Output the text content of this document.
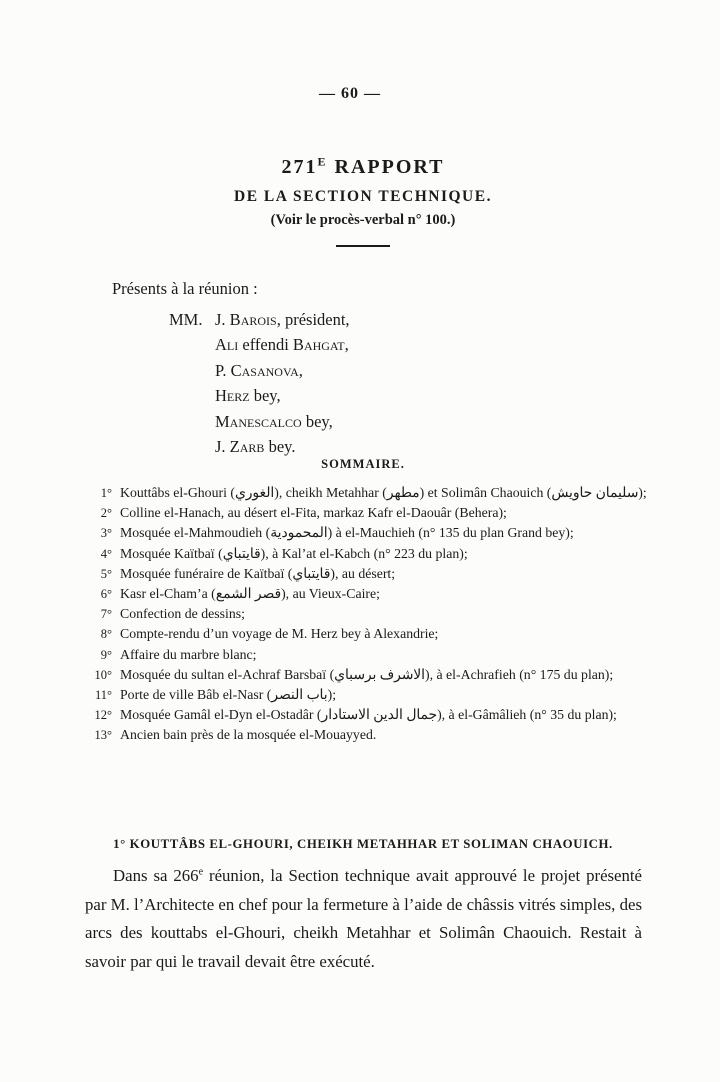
— 60 —
$271^E$ RAPPORT
DE LA SECTION TECHNIQUE.
(Voir le procès-verbal n° 100.)
Présents à la réunion :
MM. J. Barois, président,
Ali effendi Bahgat,
P. Casanova,
Herz bey,
Manescalco bey,
J. Zarb bey.
SOMMAIRE.
1° Kouttâbs el-Ghouri (الغوري), cheikh Metahhar (مطهر) et Solimân Chaouich (سليمان حاويش);
2° Colline el-Hanach, au désert el-Fita, markaz Kafr el-Daouâr (Behera);
3° Mosquée el-Mahmoudieh (المحمودية) à el-Mauchieh (n° 135 du plan Grand bey);
4° Mosquée Kaïtbaï (قايتباي), à Kal’at el-Kabch (n° 223 du plan);
5° Mosquée funéraire de Kaïtbaï (قايتباي), au désert;
6° Kasr el-Cham’a (قصر الشمع), au Vieux-Caire;
7° Confection de dessins;
8° Compte-rendu d’un voyage de M. Herz bey à Alexandrie;
9° Affaire du marbre blanc;
10° Mosquée du sultan el-Achraf Barsbaï (الاشرف برسباي), à el-Achrafieh (n° 175 du plan);
11° Porte de ville Bâb el-Nasr (باب النصر);
12° Mosquée Gamâl el-Dyn el-Ostadâr (جمال الدين الاستادار), à el-Gâmâlieh (n° 35 du plan);
13° Ancien bain près de la mosquée el-Mouayyed.
1° KOUTTÂBS EL-GHOURI, CHEIKH METAHHAR ET SOLIMAN CHAOUICH.

Dans sa 266e réunion, la Section technique avait approuvé le projet présenté par M. l’Architecte en chef pour la fermeture à l’aide de châssis vitrés simples, des arcs des kouttabs el-Ghouri, cheikh Metahhar et Solimân Chaouich. Restait à savoir par qui le travail devait être exécuté.
